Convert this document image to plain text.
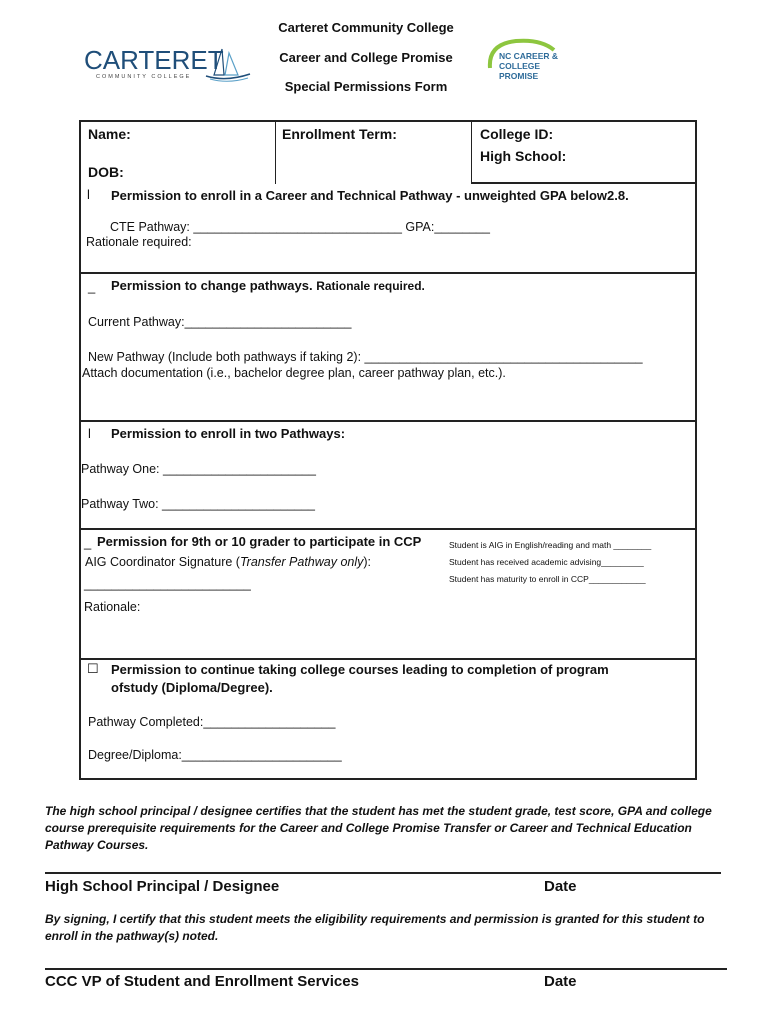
Carteret Community College
Career and College Promise
Special Permissions Form
CARTERET
COMMUNITY COLLEGE
NC CAREER &
COLLEGE PROMISE
Name:
DOB:
Enrollment Term:	College ID:
High School:
l Permission to enroll in a Career and Technical Pathway - unweighted GPA below2.8.
CTE Pathway: ______________________________ GPA:________
Rationale required:
_ Permission to change pathways. Rationale required.
Current Pathway:________________________
New Pathway (Include both pathways if taking 2): ________________________________________
Attach documentation (i.e., bachelor degree plan, career pathway plan, etc.).
l Permission to enroll in two Pathways:
Pathway One: ______________________
Pathway Two: ______________________
_ Permission for 9th or 10 grader to participate in CCP
AIG Coordinator Signature (Transfer Pathway only):
________________________
Rationale:
Student is AIG in English/reading and math ________
Student has received academic advising_________
Student has maturity to enroll in CCP____________
☐ Permission to continue taking college courses leading to completion of program
ofstudy (Diploma/Degree).
Pathway Completed:___________________
Degree/Diploma:_______________________
The high school principal / designee certifies that the student has met the student grade, test score, GPA and college course prerequisite requirements for the Career and College Promise Transfer or Career and Technical Education Pathway Courses.
High School Principal / Designee	Date
By signing, I certify that this student meets the eligibility requirements and permission is granted for this student to enroll in the pathway(s) noted.
CCC VP of Student and Enrollment Services	Date
